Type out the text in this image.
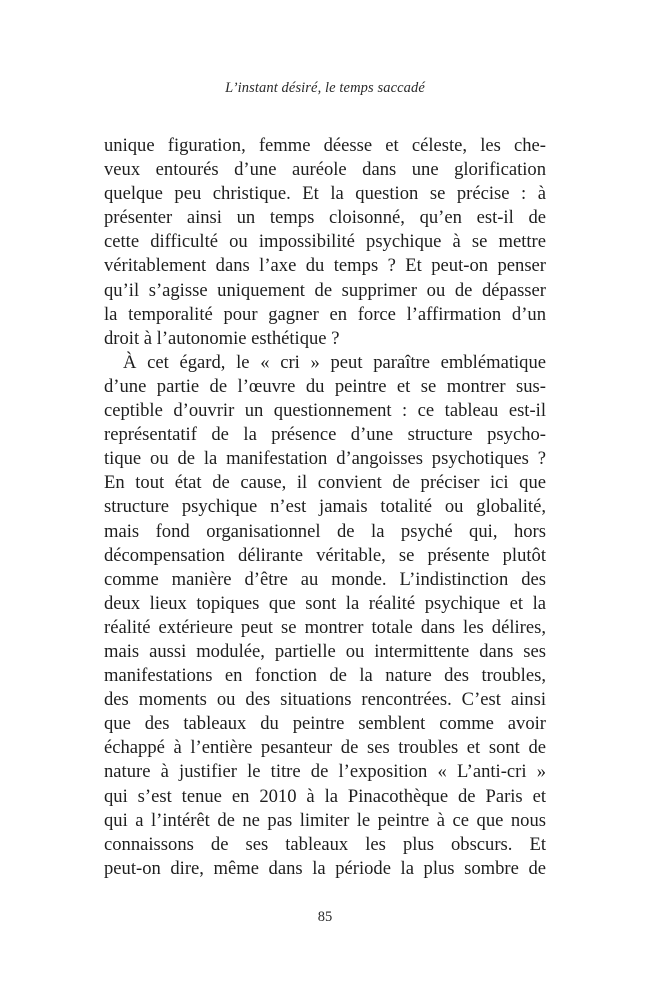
L’instant désiré, le temps saccadé
unique figuration, femme déesse et céleste, les che-
veux entourés d’une auréole dans une glorification
quelque peu christique. Et la question se précise : à
présenter ainsi un temps cloisonné, qu’en est-il de
cette difficulté ou impossibilité psychique à se mettre
véritablement dans l’axe du temps ? Et peut-on penser
qu’il s’agisse uniquement de supprimer ou de dépasser
la temporalité pour gagner en force l’affirmation d’un
droit à l’autonomie esthétique ?
À cet égard, le « cri » peut paraître emblématique
d’une partie de l’œuvre du peintre et se montrer sus-
ceptible d’ouvrir un questionnement : ce tableau est-il
représentatif de la présence d’une structure psycho-
tique ou de la manifestation d’angoisses psychotiques ?
En tout état de cause, il convient de préciser ici que
structure psychique n’est jamais totalité ou globalité,
mais fond organisationnel de la psyché qui, hors
décompensation délirante véritable, se présente plutôt
comme manière d’être au monde. L’indistinction des
deux lieux topiques que sont la réalité psychique et la
réalité extérieure peut se montrer totale dans les délires,
mais aussi modulée, partielle ou intermittente dans ses
manifestations en fonction de la nature des troubles,
des moments ou des situations rencontrées. C’est ainsi
que des tableaux du peintre semblent comme avoir
échappé à l’entière pesanteur de ses troubles et sont de
nature à justifier le titre de l’exposition « L’anti-cri »
qui s’est tenue en 2010 à la Pinacothèque de Paris et
qui a l’intérêt de ne pas limiter le peintre à ce que nous
connaissons de ses tableaux les plus obscurs. Et
peut-on dire, même dans la période la plus sombre de
85
